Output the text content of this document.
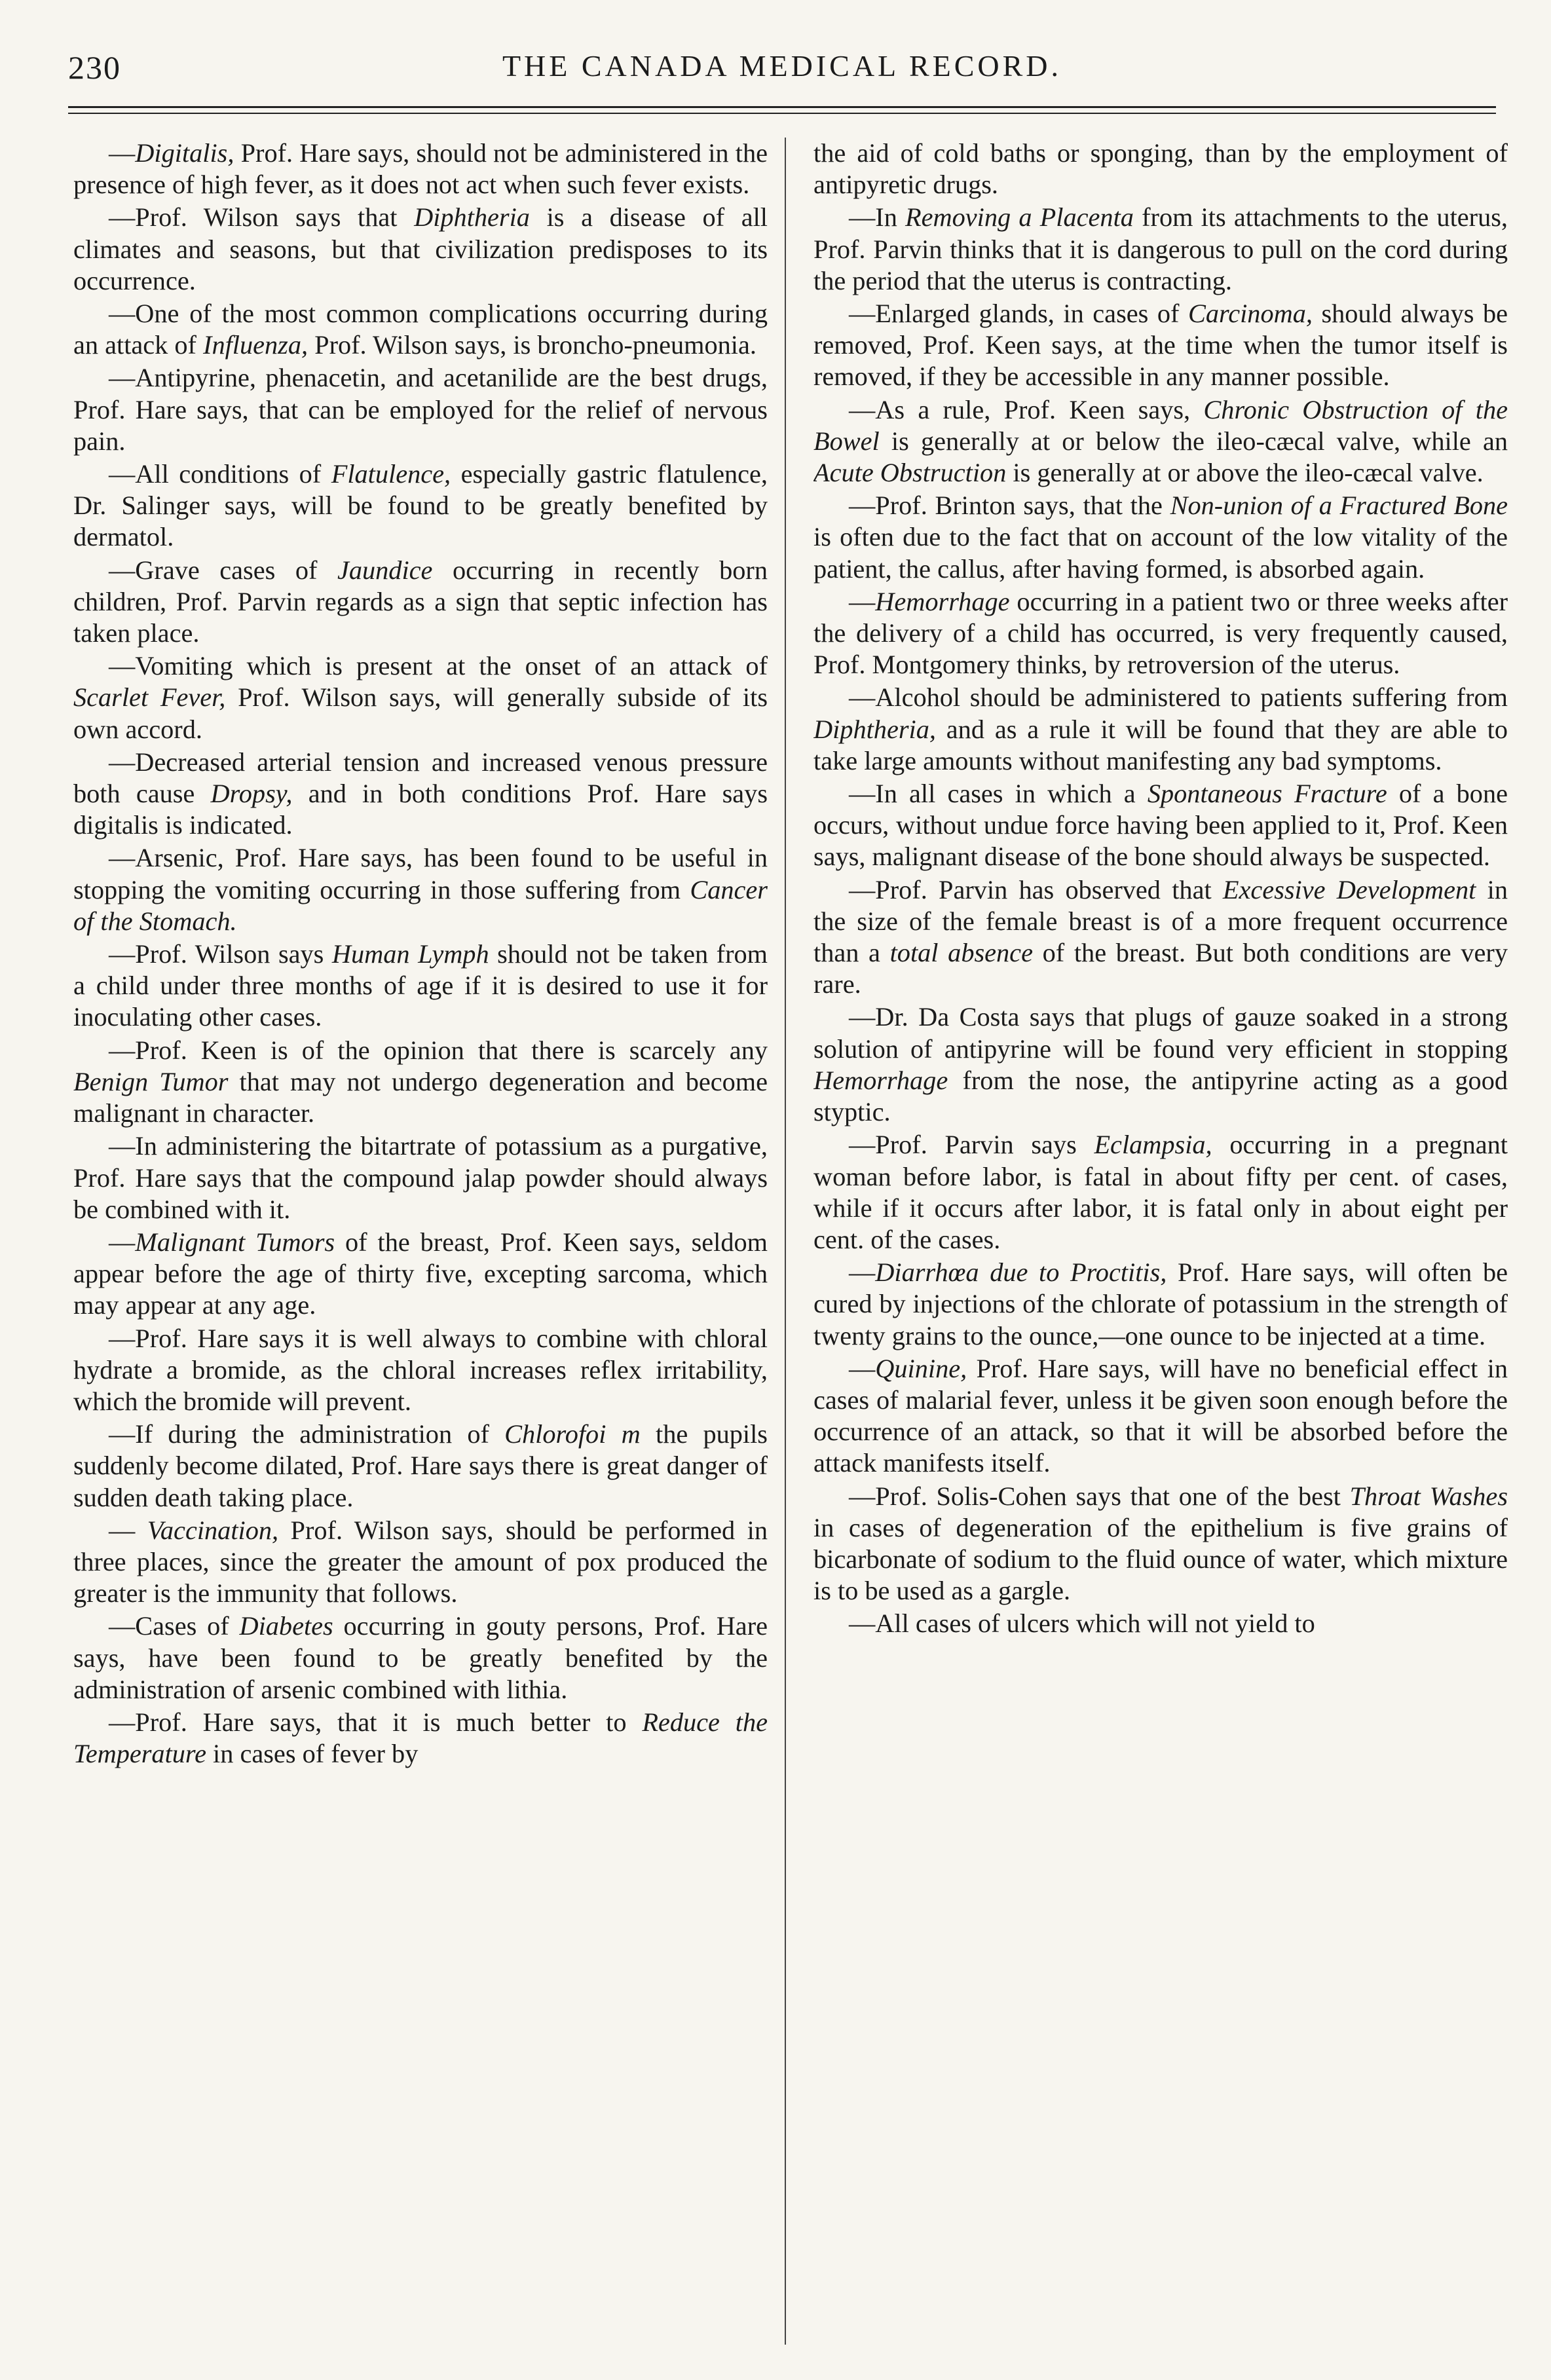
230	THE CANADA MEDICAL RECORD.

—Digitalis, Prof. Hare says, should not be administered in the presence of high fever, as it does not act when such fever exists.

—Prof. Wilson says that Diphtheria is a disease of all climates and seasons, but that civilization predisposes to its occurrence.

—One of the most common complications occurring during an attack of Influenza, Prof. Wilson says, is broncho-pneumonia.

—Antipyrine, phenacetin, and acetanilide are the best drugs, Prof. Hare says, that can be employed for the relief of nervous pain.

—All conditions of Flatulence, especially gastric flatulence, Dr. Salinger says, will be found to be greatly benefited by dermatol.

—Grave cases of Jaundice occurring in recently born children, Prof. Parvin regards as a sign that septic infection has taken place.

—Vomiting which is present at the onset of an attack of Scarlet Fever, Prof. Wilson says, will generally subside of its own accord.

—Decreased arterial tension and increased venous pressure both cause Dropsy, and in both conditions Prof. Hare says digitalis is indicated.

—Arsenic, Prof. Hare says, has been found to be useful in stopping the vomiting occurring in those suffering from Cancer of the Stomach.

—Prof. Wilson says Human Lymph should not be taken from a child under three months of age if it is desired to use it for inoculating other cases.

—Prof. Keen is of the opinion that there is scarcely any Benign Tumor that may not undergo degeneration and become malignant in character.

—In administering the bitartrate of potassium as a purgative, Prof. Hare says that the compound jalap powder should always be combined with it.

—Malignant Tumors of the breast, Prof. Keen says, seldom appear before the age of thirty five, excepting sarcoma, which may appear at any age.

—Prof. Hare says it is well always to combine with chloral hydrate a bromide, as the chloral increases reflex irritability, which the bromide will prevent.

—If during the administration of Chlorofoi m the pupils suddenly become dilated, Prof. Hare says there is great danger of sudden death taking place.

— Vaccination, Prof. Wilson says, should be performed in three places, since the greater the amount of pox produced the greater is the immunity that follows.

—Cases of Diabetes occurring in gouty persons, Prof. Hare says, have been found to be greatly benefited by the administration of arsenic combined with lithia.

—Prof. Hare says, that it is much better to Reduce the Temperature in cases of fever by

the aid of cold baths or sponging, than by the employment of antipyretic drugs.

—In Removing a Placenta from its attachments to the uterus, Prof. Parvin thinks that it is dangerous to pull on the cord during the period that the uterus is contracting.

—Enlarged glands, in cases of Carcinoma, should always be removed, Prof. Keen says, at the time when the tumor itself is removed, if they be accessible in any manner possible.

—As a rule, Prof. Keen says, Chronic Obstruction of the Bowel is generally at or below the ileo-cæcal valve, while an Acute Obstruction is generally at or above the ileo-cæcal valve.

—Prof. Brinton says, that the Non-union of a Fractured Bone is often due to the fact that on account of the low vitality of the patient, the callus, after having formed, is absorbed again.

—Hemorrhage occurring in a patient two or three weeks after the delivery of a child has occurred, is very frequently caused, Prof. Montgomery thinks, by retroversion of the uterus.

—Alcohol should be administered to patients suffering from Diphtheria, and as a rule it will be found that they are able to take large amounts without manifesting any bad symptoms.

—In all cases in which a Spontaneous Fracture of a bone occurs, without undue force having been applied to it, Prof. Keen says, malignant disease of the bone should always be suspected.

—Prof. Parvin has observed that Excessive Development in the size of the female breast is of a more frequent occurrence than a total absence of the breast. But both conditions are very rare.

—Dr. Da Costa says that plugs of gauze soaked in a strong solution of antipyrine will be found very efficient in stopping Hemorrhage from the nose, the antipyrine acting as a good styptic.

—Prof. Parvin says Eclampsia, occurring in a pregnant woman before labor, is fatal in about fifty per cent. of cases, while if it occurs after labor, it is fatal only in about eight per cent. of the cases.

—Diarrhœa due to Proctitis, Prof. Hare says, will often be cured by injections of the chlorate of potassium in the strength of twenty grains to the ounce,—one ounce to be injected at a time.

—Quinine, Prof. Hare says, will have no beneficial effect in cases of malarial fever, unless it be given soon enough before the occurrence of an attack, so that it will be absorbed before the attack manifests itself.

—Prof. Solis-Cohen says that one of the best Throat Washes in cases of degeneration of the epithelium is five grains of bicarbonate of sodium to the fluid ounce of water, which mixture is to be used as a gargle.

—All cases of ulcers which will not yield to
